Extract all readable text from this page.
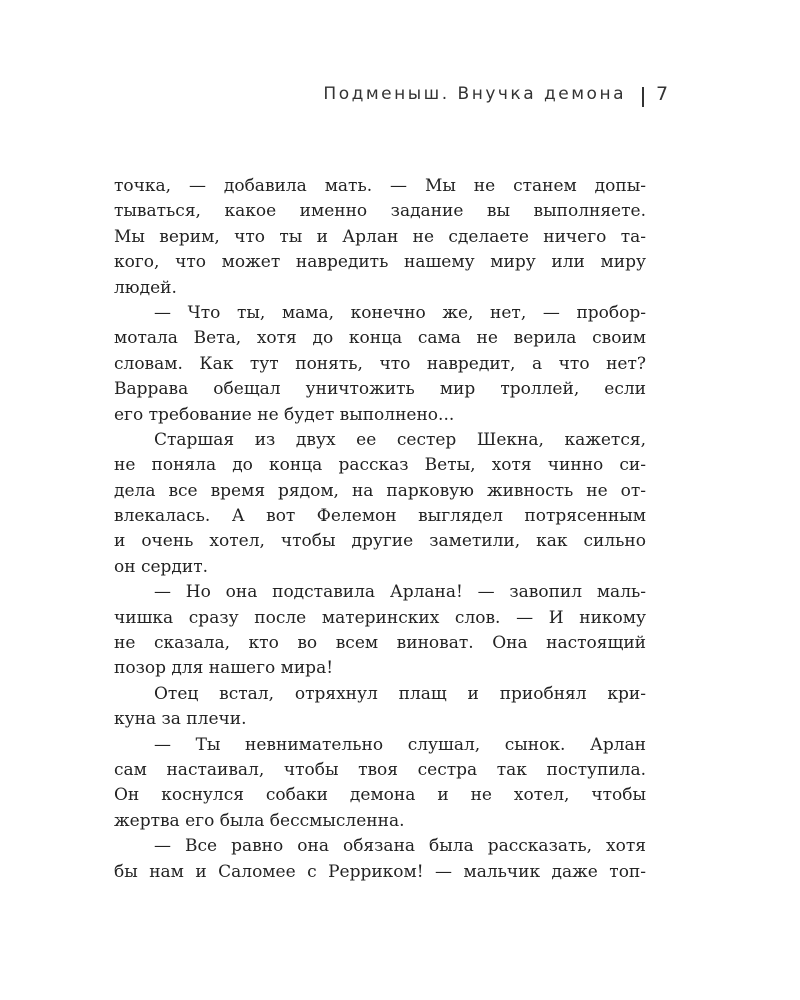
Подменыш. Внучка демона 7
точка, — добавила мать. — Мы не станем допы-
тываться, какое именно задание вы выполняете.
Мы верим, что ты и Арлан не сделаете ничего та-
кого, что может навредить нашему миру или миру
людей.
— Что ты, мама, конечно же, нет, — пробор-
мотала Вета, хотя до конца сама не верила своим
словам. Как тут понять, что навредит, а что нет?
Варрава обещал уничтожить мир троллей, если
его требование не будет выполнено...
Старшая из двух ее сестер Шекна, кажется,
не поняла до конца рассказ Веты, хотя чинно си-
дела все время рядом, на парковую живность не от-
влекалась. А вот Фелемон выглядел потрясенным
и очень хотел, чтобы другие заметили, как сильно
он сердит.
— Но она подставила Арлана! — завопил маль-
чишка сразу после материнских слов. — И никому
не сказала, кто во всем виноват. Она настоящий
позор для нашего мира!
Отец встал, отряхнул плащ и приобнял кри-
куна за плечи.
— Ты невнимательно слушал, сынок. Арлан
сам настаивал, чтобы твоя сестра так поступила.
Он коснулся собаки демона и не хотел, чтобы
жертва его была бессмысленна.
— Все равно она обязана была рассказать, хотя
бы нам и Саломее с Рерриком! — мальчик даже топ-
